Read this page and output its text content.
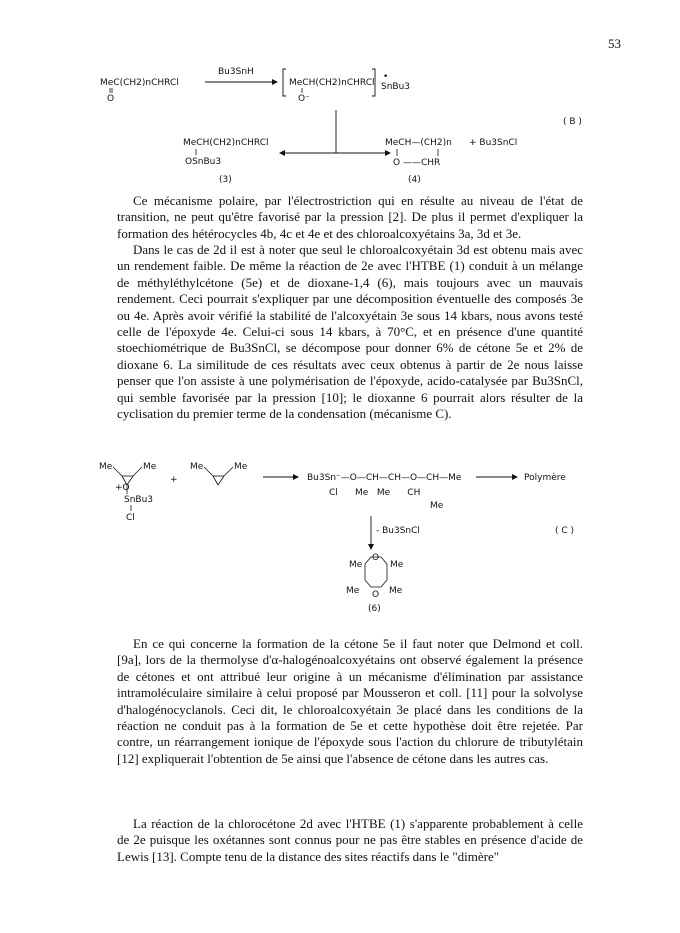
53
MeC(CH2)nCHRCl
O
Bu3SnH
MeCH(CH2)nCHRCl
O⁻
SnBu3
•
( B )
MeCH(CH2)nCHRCl
OSnBu3
(3)
MeCH—(CH2)n + Bu3SnCl
O ——CHR
(4)

Ce mécanisme polaire, par l'électrostriction qui en résulte au niveau de l'état de transition, ne peut qu'être favorisé par la pression [2]. De plus il permet d'expliquer la formation des hétérocycles 4b, 4c et 4e et des chloroalcoxyétains 3a, 3d et 3e.

Dans le cas de 2d il est à noter que seul le chloroalcoxyétain 3d est obtenu mais avec un rendement faible. De même la réaction de 2e avec l'HTBE (1) conduit à un mélange de méthyléthylcétone (5e) et de dioxane-1,4 (6), mais toujours avec un mauvais rendement. Ceci pourrait s'expliquer par une décomposition éventuelle des composés 3e ou 4e. Après avoir vérifié la stabilité de l'alcoxyétain 3e sous 14 kbars, nous avons testé celle de l'époxyde 4e. Celui-ci sous 14 kbars, à 70°C, et en présence d'une quantité stoechiométrique de Bu3SnCl, se décompose pour donner 6% de cétone 5e et 2% de dioxane 6. La similitude de ces résultats avec ceux obtenus à partir de 2e nous laisse penser que l'on assiste à une polymérisation de l'époxyde, acido-catalysée par Bu3SnCl, qui semble favorisée par la pression [10]; le dioxanne 6 pourrait alors résulter de la cyclisation du premier terme de la condensation (mécanisme C).

Me	Me
+O
SnBu3
Cl
+
Me	Me
Bu3Sn⁻—O—CH—CH—O—CH—Me
Cl      Me   Me      CH
Me
Polymère
- Bu3SnCl	( C )
Me	Me
Me	Me
O
O
(6)

En ce qui concerne la formation de la cétone 5e il faut noter que Delmond et coll. [9a], lors de la thermolyse d'α-halogénoalcoxyétains ont observé également la présence de cétones et ont attribué leur origine à un mécanisme d'élimination par assistance intramoléculaire similaire à celui proposé par Mousseron et coll. [11] pour la solvolyse d'halogénocyclanols. Ceci dit, le chloroalcoxyétain 3e placé dans les conditions de la réaction ne conduit pas à la formation de 5e et cette hypothèse doit être rejetée. Par contre, un réarrangement ionique de l'époxyde sous l'action du chlorure de tributylétain [12] expliquerait l'obtention de 5e ainsi que l'absence de cétone dans les autres cas.

La réaction de la chlorocétone 2d avec l'HTBE (1) s'apparente probablement à celle de 2e puisque les oxétannes sont connus pour ne pas être stables en présence d'acide de Lewis [13]. Compte tenu de la distance des sites réactifs dans le "dimère"
